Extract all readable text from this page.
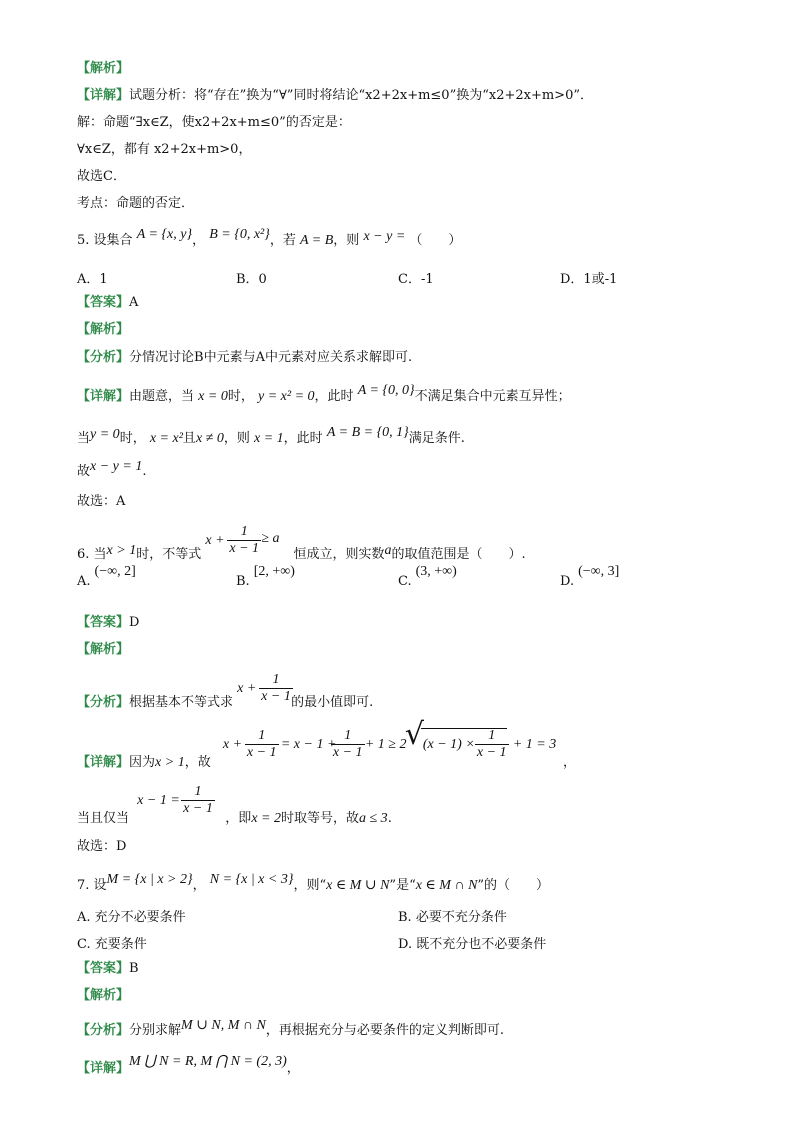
【解析】
【详解】试题分析：将“存在”换为“∀”同时将结论“x2+2x+m≤0”换为“x2+2x+m>0”．
解：命题“∃x∈Z，使x2+2x+m≤0”的否定是：
∀x∈Z，都有 x2+2x+m>0，
故选C．
考点：命题的否定．
5. 设集合 A = {x, y}， B = {0, x²}，若 A = B，则 x − y = （　　）
A．1	B．0	C．-1	D．1或-1
【答案】A
【解析】
【分析】分情况讨论B中元素与A中元素对应关系求解即可.
【详解】由题意，当 x = 0时， y = x² = 0，此时 A = {0, 0}不满足集合中元素互异性；
当y = 0时， x = x²且x ≠ 0，则 x = 1，此时 A = B = {0, 1}满足条件.
故x − y = 1.
故选：A
6. 当x > 1时，不等式
$x + \frac{1}{x - 1} \ge a$
恒成立，则实数a的取值范围是（　　）.
A.(−∞, 2]
B.[2, +∞)
C.(3, +∞)
D.(−∞, 3]
【答案】D
【解析】
【分析】根据基本不等式求
$x + \frac{1}{x - 1}$
的最小值即可.
【详解】因为x > 1，故
$x + \frac{1}{x - 1} = x - 1$ +
$\frac{1}{x - 1} + 1 \ge 2$
√
$(x - 1) \times \frac{1}{x - 1} + 1 = 3$
，
当且仅当
$x - 1 = \frac{1}{x - 1}$
，即x = 2时取等号，故a ≤ 3.
故选：D
7. 设M = {x | x > 2}， N = {x | x < 3}，则“x ∈ M ∪ N”是“x ∈ M ∩ N”的（　　）
A. 充分不必要条件	B. 必要不充分条件
C. 充要条件	D. 既不充分也不必要条件
【答案】B
【解析】
【分析】分别求解M ∪ N, M ∩ N，再根据充分与必要条件的定义判断即可.
【详解】M ⋃ N = R, M ⋂ N = (2, 3)，
